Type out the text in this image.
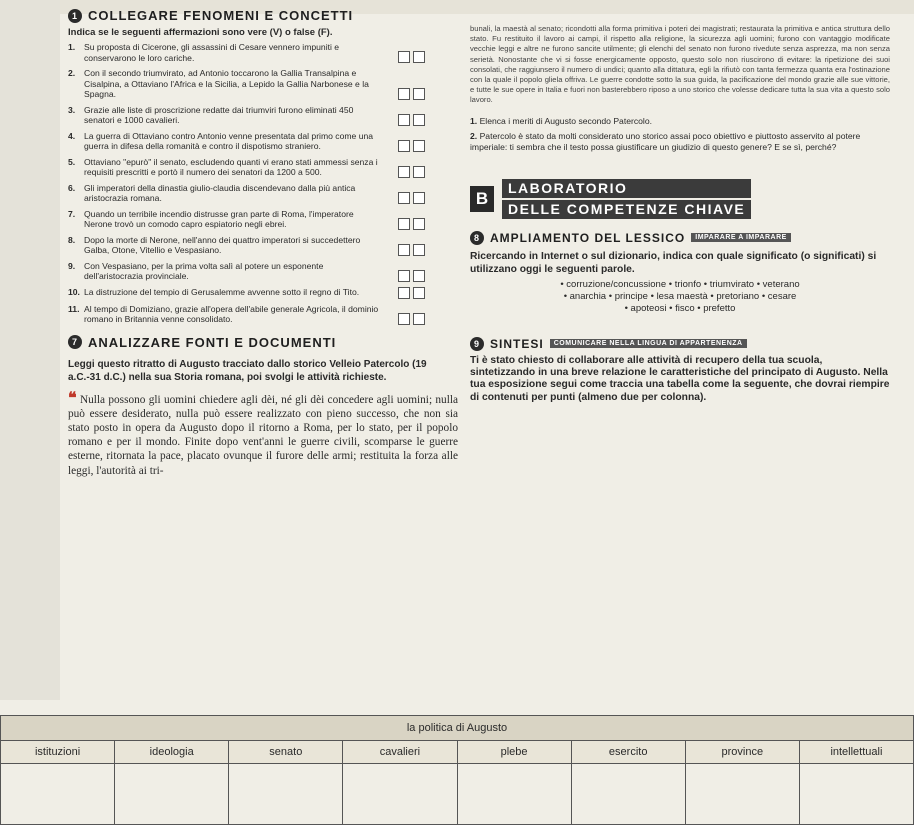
1 COLLEGARE FENOMENI E CONCETTI
Indica se le seguenti affermazioni sono vere (V) o false (F).
1.	Su proposta di Cicerone, gli assassini di Cesare vennero impuniti e conservarono le loro cariche.
2.	Con il secondo triumvirato, ad Antonio toccarono la Gallia Transalpina e Cisalpina, a Ottaviano l'Africa e la Sicilia, a Lepido la Gallia Narbonese e la Spagna.
3.	Grazie alle liste di proscrizione redatte dai triumviri furono eliminati 450 senatori e 1000 cavalieri.
4.	La guerra di Ottaviano contro Antonio venne presentata dal primo come una guerra in difesa della romanità e contro il dispotismo straniero.
5.	Ottaviano "epurò" il senato, escludendo quanti vi erano stati ammessi senza i requisiti prescritti e portò il numero dei senatori da 1200 a 500.
6.	Gli imperatori della dinastia giulio-claudia discendevano dalla più antica aristocrazia romana.
7.	Quando un terribile incendio distrusse gran parte di Roma, l'imperatore Nerone trovò un comodo capro espiatorio negli ebrei.
8.	Dopo la morte di Nerone, nell'anno dei quattro imperatori si succedettero Galba, Otone, Vitellio e Vespasiano.
9.	Con Vespasiano, per la prima volta salì al potere un esponente dell'aristocrazia provinciale.
10. La distruzione del tempio di Gerusalemme avvenne sotto il regno di Tito.
11. Al tempo di Domiziano, grazie all'opera dell'abile generale Agricola, il dominio romano in Britannia venne consolidato.
7 ANALIZZARE FONTI E DOCUMENTI
Leggi questo ritratto di Augusto tracciato dallo storico Velleio Patercolo (19 a.C.-31 d.C.) nella sua Storia romana, poi svolgi le attività richieste.

❝ Nulla possono gli uomini chiedere agli dèi, né gli dèi concedere agli uomini; nulla può essere desiderato, nulla può essere realizzato con pieno successo, che non sia stato posto in opera da Augusto dopo il ritorno a Roma, per lo stato, per il popolo romano e per il mondo. Finite dopo vent'anni le guerre civili, scomparse le guerre esterne, ritornata la pace, placato ovunque il furore delle armi; restituita la forza alle leggi, l'autorità ai tri-

bunali, la maestà al senato; ricondotti alla forma primitiva i poteri dei magistrati; restaurata la primitiva e antica struttura dello stato. Fu restituito il lavoro ai campi, il rispetto alla religione, la sicurezza agli uomini; furono con vantaggio modificate vecchie leggi e altre ne furono sancite utilmente; gli elenchi del senato non furono rivedute senza asprezza, ma non senza serietà. Nonostante che vi si fosse energicamente opposto, questo solo non riuscirono di evitare: la ripetizione dei suoi consolati, che raggiunsero il numero di undici; quanto alla dittatura, egli la rifiutò con tanta fermezza quanta era l'ostinazione con la quale il popolo gliela offriva. Le guerre condotte sotto la sua guida, la pacificazione del mondo grazie alle sue vittorie, e tutte le sue opere in Italia e fuori non basterebbero riposo a uno storico che volesse dedicare tutta la sua vita a questo solo lavoro.

1. Elenca i meriti di Augusto secondo Patercolo.
2. Patercolo è stato da molti considerato uno storico assai poco obiettivo e piuttosto asservito al potere imperiale: ti sembra che il testo possa giustificare un giudizio di questo genere? E se sì, perché?
B
LABORATORIO
DELLE COMPETENZE CHIAVE
8 AMPLIAMENTO DEL LESSICO	IMPARARE A IMPARARE
Ricercando in Internet o sul dizionario, indica con quale significato (o significati) si utilizzano oggi le seguenti parole.
• corruzione/concussione • trionfo • triumvirato • veterano
• anarchia • principe • lesa maestà • pretoriano • cesare
• apoteosi • fisco • prefetto
9 SINTESI	COMUNICARE NELLA LINGUA DI APPARTENENZA
Ti è stato chiesto di collaborare alle attività di recupero della tua scuola, sintetizzando in una breve relazione le caratteristiche del principato di Augusto. Nella tua esposizione segui come traccia una tabella come la seguente, che dovrai riempire di contenuti per punti (almeno due per colonna).
la politica di Augusto							
istituzioni	ideologia	senato	cavalieri	plebe	esercito	province	intellettuali
